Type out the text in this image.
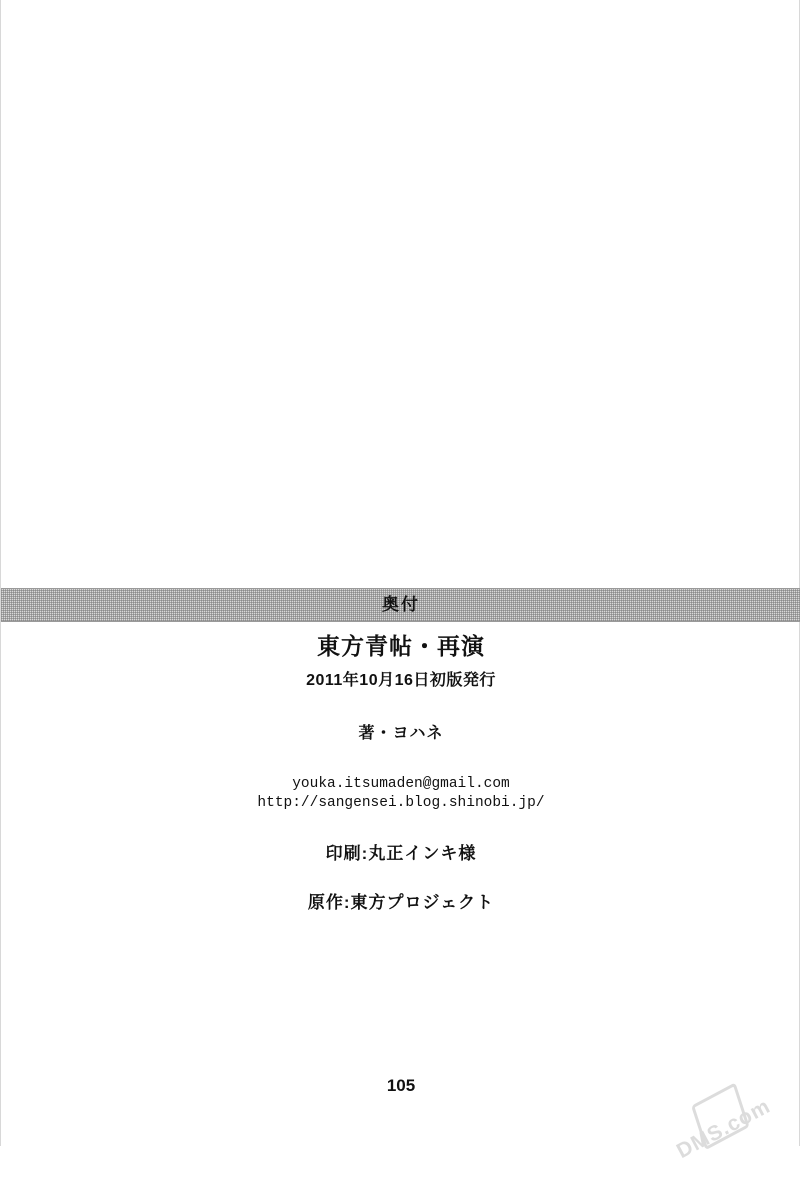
奥付
東方青帖・再演
2011年10月16日初版発行
著・ヨハネ
youka.itsumaden@gmail.com
http://sangensei.blog.shinobi.jp/
印刷:丸正インキ様
原作:東方プロジェクト
105
DMS.com
